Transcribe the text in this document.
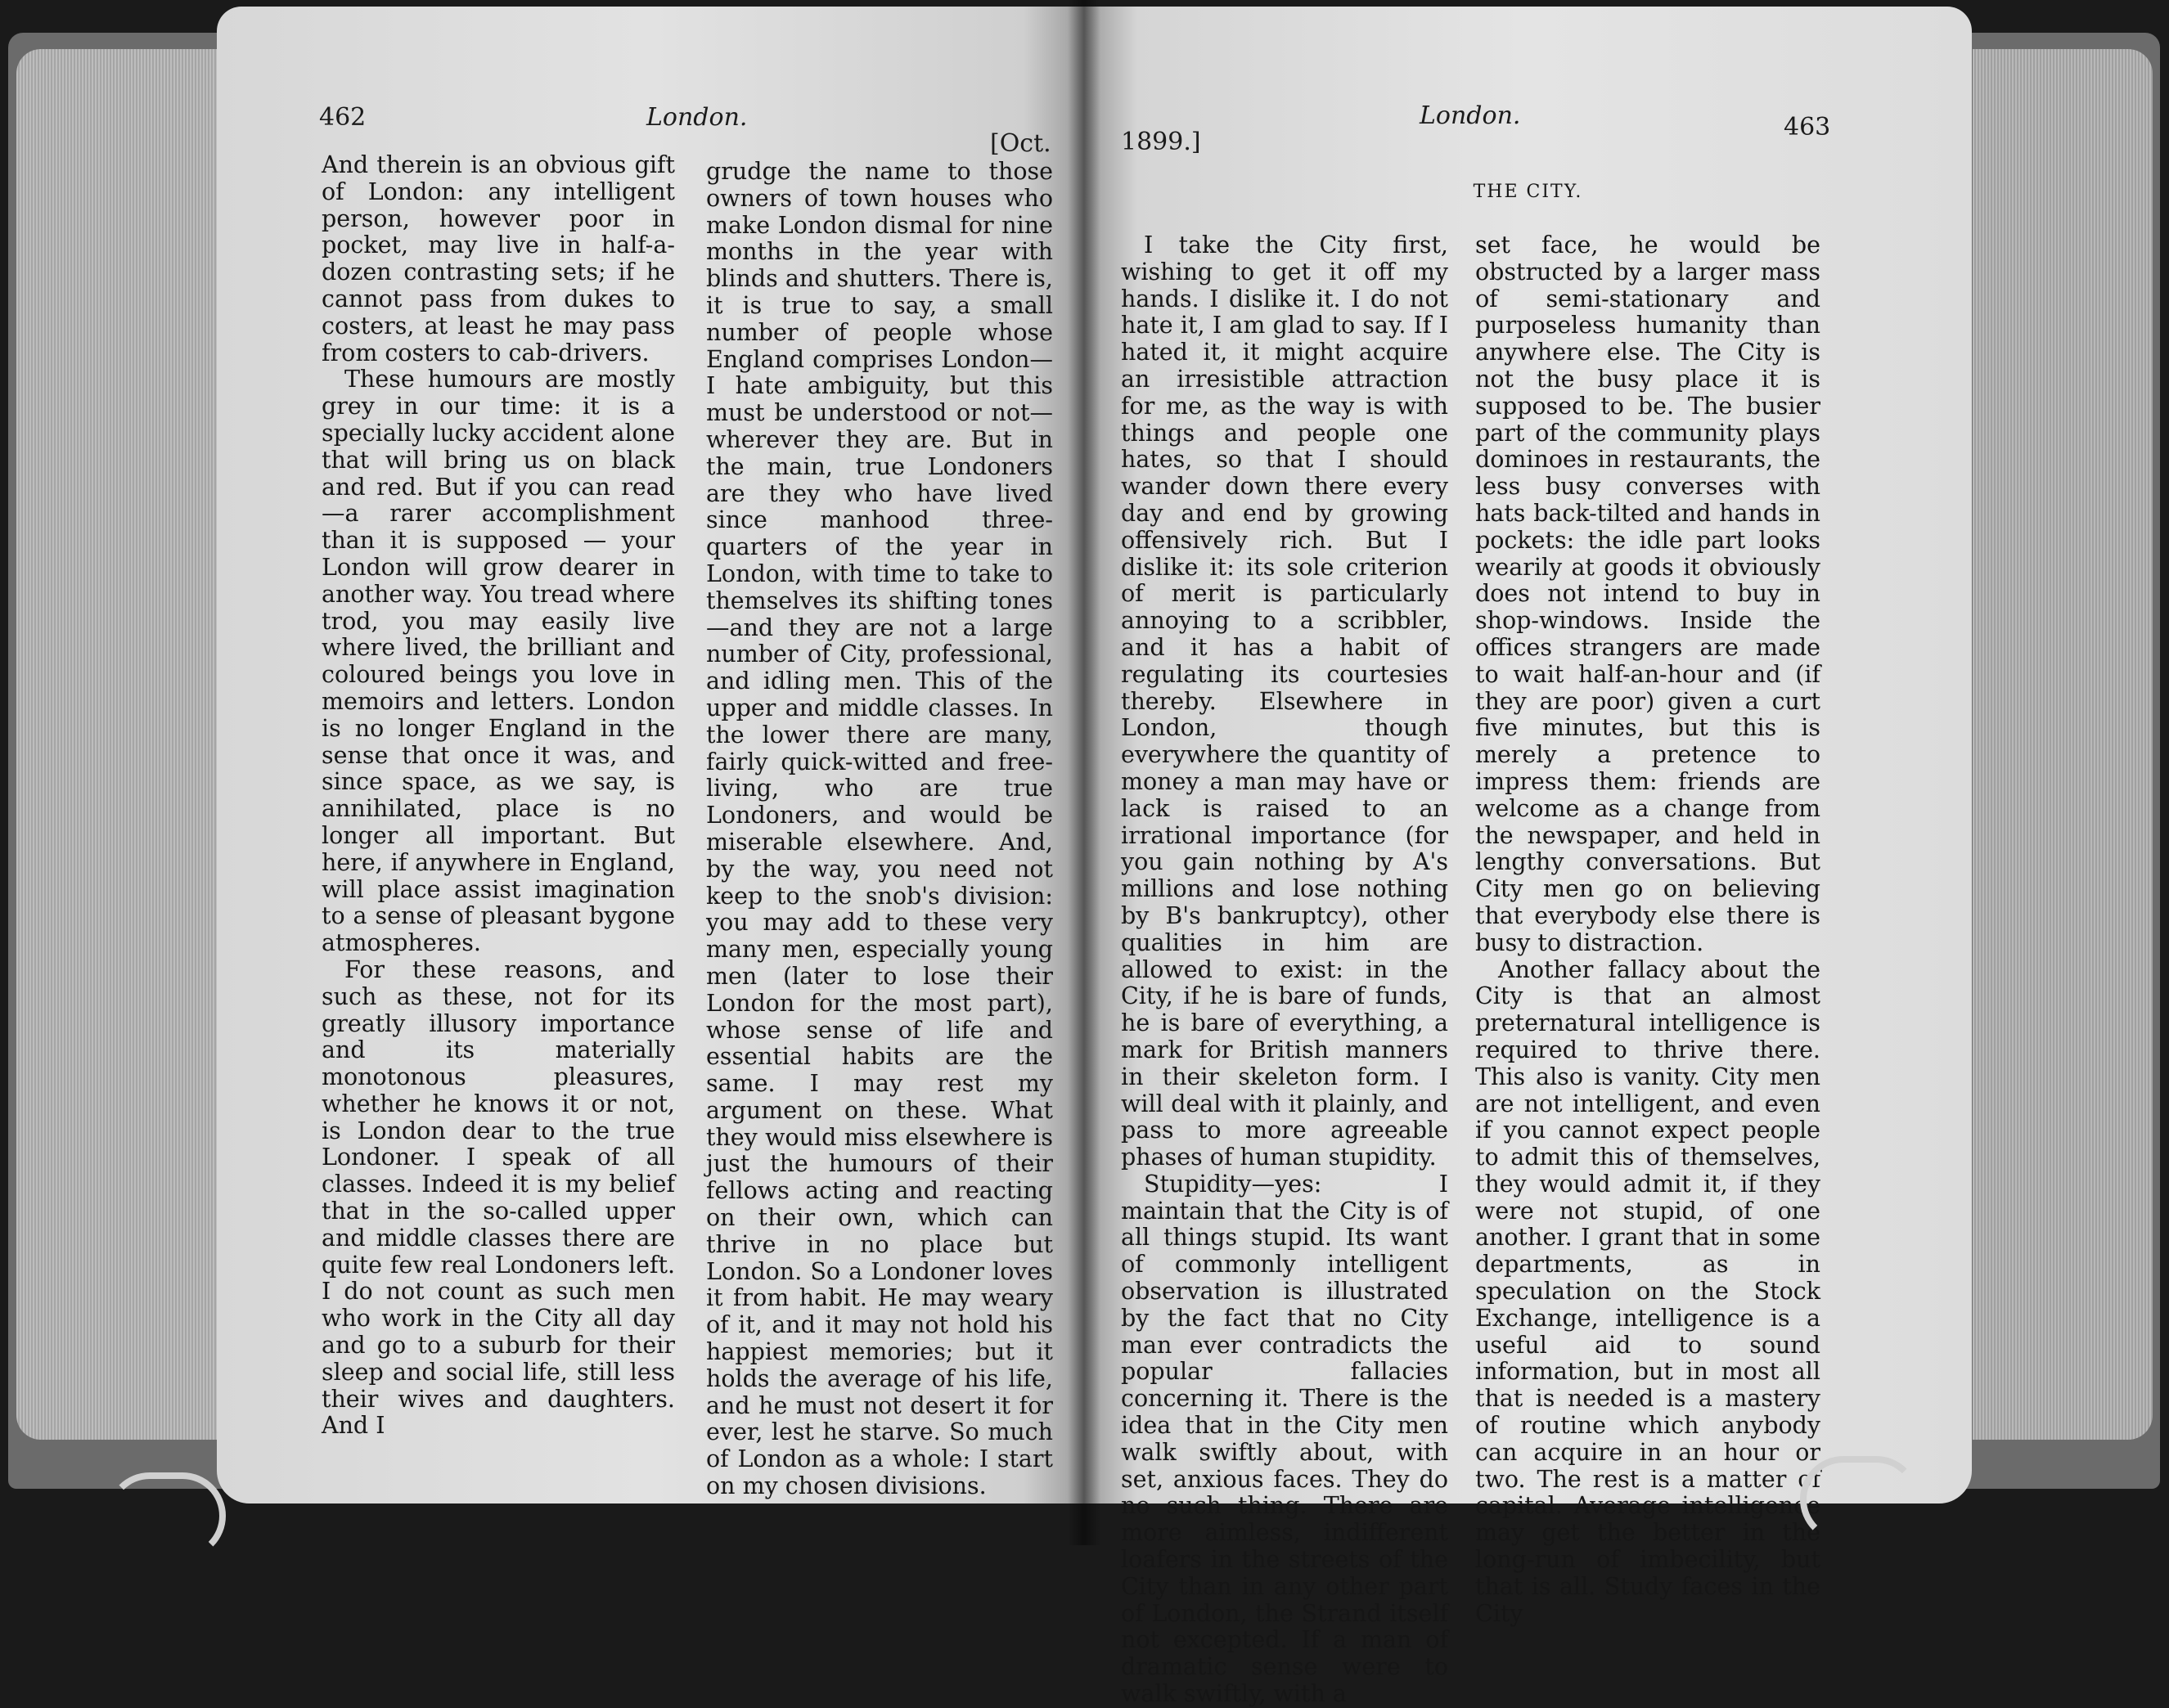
462	London.
[Oct.

And therein is an obvious gift of London: any intelligent person, however poor in pocket, may live in half-a-dozen contrasting sets; if he cannot pass from dukes to costers, at least he may pass from costers to cab-drivers.

These humours are mostly grey in our time: it is a specially lucky accident alone that will bring us on black and red. But if you can read—a rarer accomplishment than it is supposed — your London will grow dearer in another way. You tread where trod, you may easily live where lived, the brilliant and coloured beings you love in memoirs and letters. London is no longer England in the sense that once it was, and since space, as we say, is annihilated, place is no longer all important. But here, if anywhere in England, will place assist imagination to a sense of pleasant bygone atmospheres.

For these reasons, and such as these, not for its greatly illusory importance and its materially monotonous pleasures, whether he knows it or not, is London dear to the true Londoner. I speak of all classes. Indeed it is my belief that in the so-called upper and middle classes there are quite few real Londoners left. I do not count as such men who work in the City all day and go to a suburb for their sleep and social life, still less their wives and daughters. And I

grudge the name to those owners of town houses who make London dismal for nine months in the year with blinds and shutters. There is, it is true to say, a small number of people whose England comprises London—I hate ambiguity, but this must be understood or not—wherever they are. But in the main, true Londoners are they who have lived since manhood three-quarters of the year in London, with time to take to themselves its shifting tones—and they are not a large number of City, professional, and idling men. This of the upper and middle classes. In the lower there are many, fairly quick-witted and free-living, who are true Londoners, and would be miserable elsewhere. And, by the way, you need not keep to the snob's division: you may add to these very many men, especially young men (later to lose their London for the most part), whose sense of life and essential habits are the same. I may rest my argument on these. What they would miss elsewhere is just the humours of their fellows acting and reacting on their own, which can thrive in no place but London. So a Londoner loves it from habit. He may weary of it, and it may not hold his happiest memories; but it holds the average of his life, and he must not desert it for ever, lest he starve. So much of London as a whole: I start on my chosen divisions.

1899.]
London.	463
THE CITY.

I take the City first, wishing to get it off my hands. I dislike it. I do not hate it, I am glad to say. If I hated it, it might acquire an irresistible attraction for me, as the way is with things and people one hates, so that I should wander down there every day and end by growing offensively rich. But I dislike it: its sole criterion of merit is particularly annoying to a scribbler, and it has a habit of regulating its courtesies thereby. Elsewhere in London, though everywhere the quantity of money a man may have or lack is raised to an irrational importance (for you gain nothing by A's millions and lose nothing by B's bankruptcy), other qualities in him are allowed to exist: in the City, if he is bare of funds, he is bare of everything, a mark for British manners in their skeleton form. I will deal with it plainly, and pass to more agreeable phases of human stupidity.

Stupidity—yes: I maintain that the City is of all things stupid. Its want of commonly intelligent observation is illustrated by the fact that no City man ever contradicts the popular fallacies concerning it. There is the idea that in the City men walk swiftly about, with set, anxious faces. They do no such thing. There are more aimless, indifferent loafers in the streets of the City than in any other part of London, the Strand itself not excepted. If a man of dramatic sense were to walk swiftly, with a

set face, he would be obstructed by a larger mass of semi-stationary and purposeless humanity than anywhere else. The City is not the busy place it is supposed to be. The busier part of the community plays dominoes in restaurants, the less busy converses with hats back-tilted and hands in pockets: the idle part looks wearily at goods it obviously does not intend to buy in shop-windows. Inside the offices strangers are made to wait half-an-hour and (if they are poor) given a curt five minutes, but this is merely a pretence to impress them: friends are welcome as a change from the newspaper, and held in lengthy conversations. But City men go on believing that everybody else there is busy to distraction.

Another fallacy about the City is that an almost preternatural intelligence is required to thrive there. This also is vanity. City men are not intelligent, and even if you cannot expect people to admit this of themselves, they would admit it, if they were not stupid, of one another. I grant that in some departments, as in speculation on the Stock Exchange, intelligence is a useful aid to sound information, but in most all that is needed is a mastery of routine which anybody can acquire in an hour or two. The rest is a matter of capital. Average intelligence may get the better in the long-run of imbecility, but that is all. Study faces in the City
